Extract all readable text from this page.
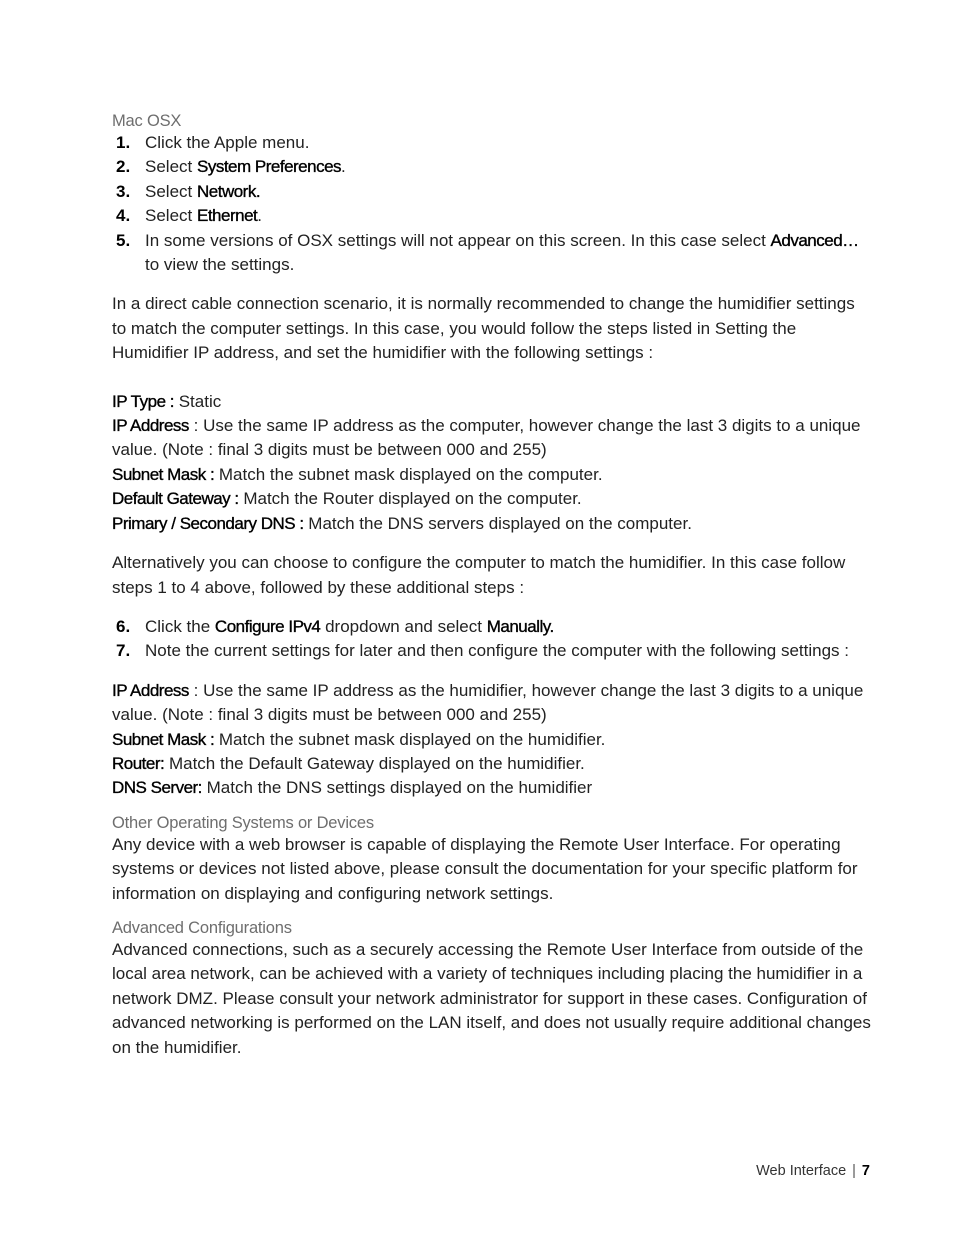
Mac OSX

1. Click the Apple menu.
2. Select System Preferences.
3. Select Network.
4. Select Ethernet.
5. In some versions of OSX settings will not appear on this screen. In this case select Advanced… to view the settings.

In a direct cable connection scenario, it is normally recommended to change the humidifier settings to match the computer settings. In this case, you would follow the steps listed in Setting the Humidifier IP address, and set the humidifier with the following settings :

IP Type : Static

IP Address : Use the same IP address as the computer, however change the last 3 digits to a unique value. (Note : final 3 digits must be between 000 and 255)

Subnet Mask : Match the subnet mask displayed on the computer.

Default Gateway : Match the Router displayed on the computer.

Primary / Secondary DNS : Match the DNS servers displayed on the computer.

Alternatively you can choose to configure the computer to match the humidifier. In this case follow steps 1 to 4 above, followed by these additional steps :

6. Click the Configure IPv4 dropdown and select Manually.
7. Note the current settings for later and then configure the computer with the following settings :

IP Address : Use the same IP address as the humidifier, however change the last 3 digits to a unique value. (Note : final 3 digits must be between 000 and 255)

Subnet Mask : Match the subnet mask displayed on the humidifier.

Router: Match the Default Gateway displayed on the humidifier.

DNS Server: Match the DNS settings displayed on the humidifier

Other Operating Systems or Devices

Any device with a web browser is capable of displaying the Remote User Interface. For operating systems or devices not listed above, please consult the documentation for your specific platform for information on displaying and configuring network settings.

Advanced Configurations

Advanced connections, such as a securely accessing the Remote User Interface from outside of the local area network, can be achieved with a variety of techniques including placing the humidifier in a network DMZ. Please consult your network administrator for support in these cases. Configuration of advanced networking is performed on the LAN itself, and does not usually require additional changes on the humidifier.

Web Interface | 7
